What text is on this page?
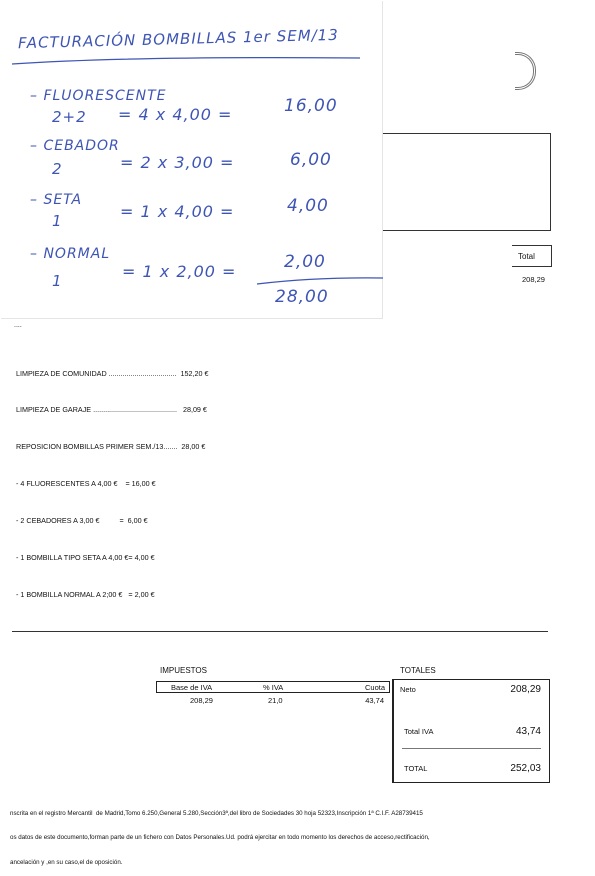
Total
208,29
....
FACTURACIÓN BOMBILLAS 1er SEM/13
– FLUORESCENTE
2+2 = 4 x 4,00 =	16,00
– CEBADOR
2	= 2 x 3,00 =	6,00
– SETA
1	= 1 x 4,00 =	4,00
– NORMAL
1	= 1 x 2,00 =	2,00
28,00

LIMPIEZA DE COMUNIDAD ..................................  152,20 €

LIMPIEZA DE GARAJE ..........................................   28,09 €

REPOSICION BOMBILLAS PRIMER SEM./13.......  28,00 €

- 4 FLUORESCENTES A 4,00 €    = 16,00 €

- 2 CEBADORES A 3,00 €          =  6,00 €

- 1 BOMBILLA TIPO SETA A 4,00 €= 4,00 €

- 1 BOMBILLA NORMAL A 2;00 €   = 2,00 €

IMPUESTOS
Base de IVA	% IVA	Cuota
208,29	21,0	43,74
TOTALES
Neto	208,29
Total IVA	43,74
TOTAL	252,03

nscrita en el registro Mercantil  de Madrid,Tomo 6.250,General 5.280,Sección3ª,del libro de Sociedades 30 hoja 52323,Inscripción 1ª C.I.F. A28739415

os datos de este documento,forman parte de un fichero con Datos Personales.Ud. podrá ejercitar en todo momento los derechos de acceso,rectificación,

ancelación y ,en su caso,el de oposición.
